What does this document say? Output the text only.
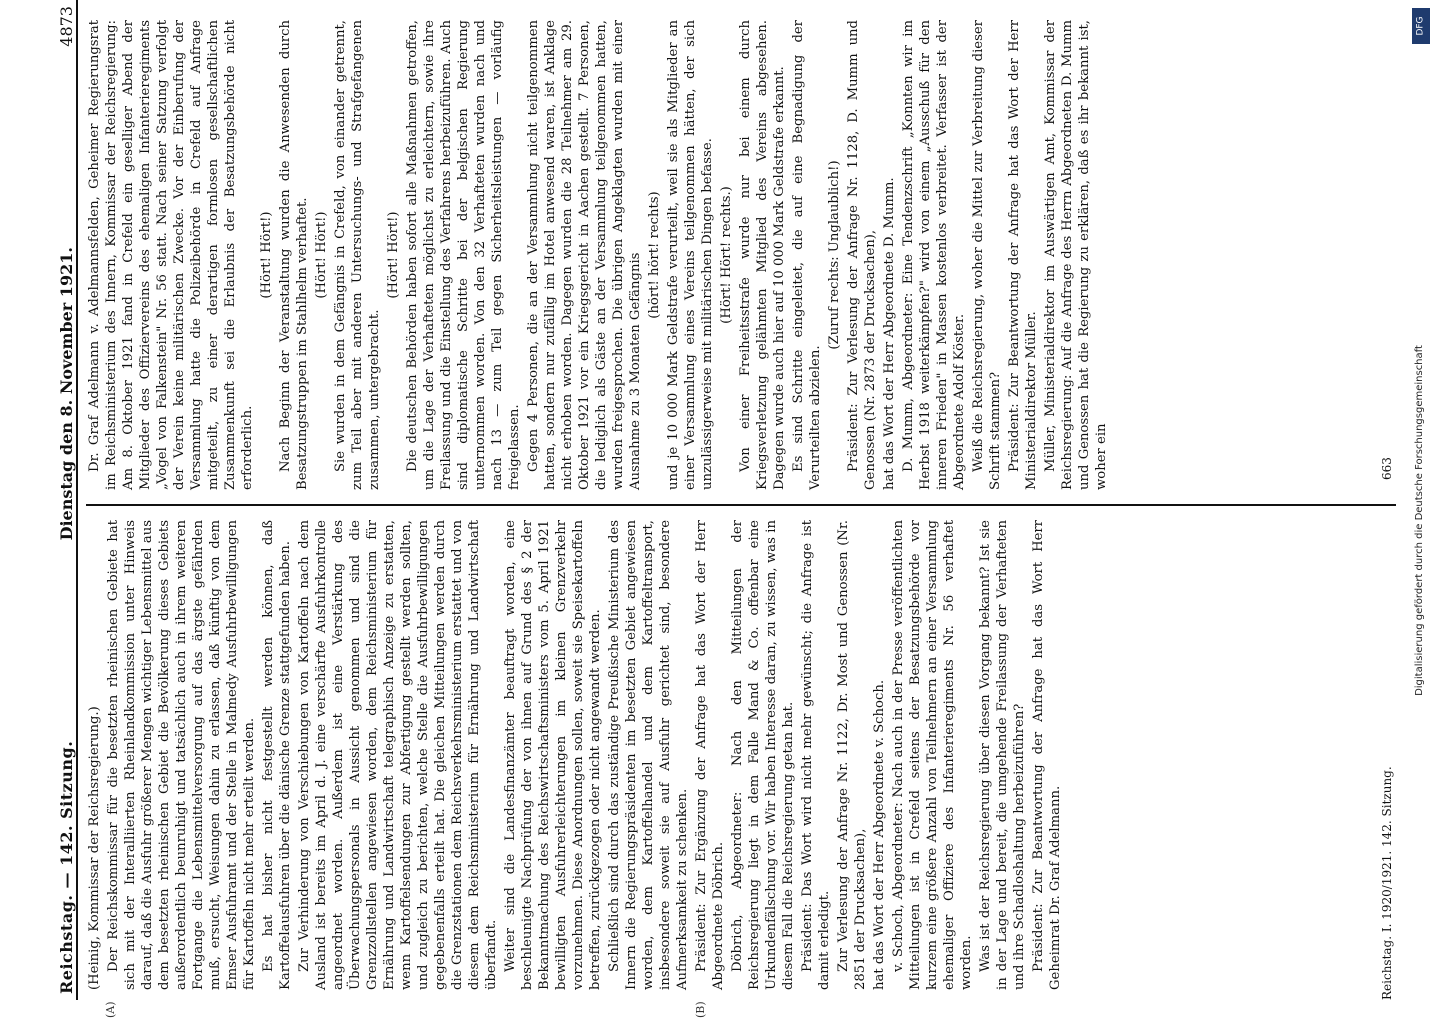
Reichstag. — 142. Sitzung.
Dienstag den 8. November 1921.
4873

(Heinig, Kommissar der Reichsregierung.) Der Reichskommissar für die besetzten rheinischen Gebiete hat sich mit der Interalliierten Rheinlandkommission unter Hinweis darauf, daß die Ausfuhr größerer Mengen wichtiger Lebensmittel aus dem besetzten rheinischen Gebiet die Bevölkerung dieses Gebiets außerordentlich beunruhigt und tatsächlich auch in ihrem weiteren Fortgange die Lebensmittelversorgung auf das ärgste gefährden muß, ersucht, Weisungen dahin zu erlassen, daß künftig von dem Emser Ausfuhramt und der Stelle in Malmedy Ausfuhrbewilligungen für Kartoffeln nicht mehr erteilt werden. Es hat bisher nicht festgestellt werden können, daß Kartoffelausfuhren über die dänische Grenze stattgefunden haben. Zur Verhinderung von Verschiebungen von Kartoffeln nach dem Ausland ist bereits im April d. J. eine verschärfte Ausfuhrkontrolle angeordnet worden. Außerdem ist eine Verstärkung des Überwachungspersonals in Aussicht genommen und sind die Grenzzollstellen angewiesen worden, dem Reichsministerium für Ernährung und Landwirtschaft telegraphisch Anzeige zu erstatten, wenn Kartoffelsendungen zur Abfertigung gestellt werden sollten, und zugleich zu berichten, welche Stelle die Ausfuhrbewilligungen gegebenenfalls erteilt hat. Die gleichen Mitteilungen werden durch die Grenzstationen dem Reichsverkehrsministerium erstattet und von diesem dem Reichsministerium für Ernährung und Landwirtschaft überfandt. Weiter sind die Landesfinanzämter beauftragt worden, eine beschleunigte Nachprüfung der von ihnen auf Grund des § 2 der Bekanntmachung des Reichswirtschaftsministers vom 5. April 1921 bewilligten Ausfuhrerleichterungen im kleinen Grenzverkehr vorzunehmen. Diese Anordnungen sollen, soweit sie Speisekartoffeln betreffen, zurückgezogen oder nicht angewandt werden. Schließlich sind durch das zuständige Preußische Ministerium des Innern die Regierungspräsidenten im besetzten Gebiet angewiesen worden, dem Kartoffelhandel und dem Kartoffeltransport, insbesondere soweit sie auf Ausfuhr gerichtet sind, besondere Aufmerksamkeit zu schenken. Präsident: Zur Ergänzung der Anfrage hat das Wort der Herr Abgeordnete Döbrich. Döbrich, Abgeordneter: Nach den Mitteilungen der Reichsregierung liegt in dem Falle Mand & Co. offenbar eine Urkundenfälschung vor. Wir haben Interesse daran, zu wissen, was in diesem Fall die Reichsregierung getan hat. Präsident: Das Wort wird nicht mehr gewünscht; die Anfrage ist damit erledigt. Zur Verlesung der Anfrage Nr. 1122, Dr. Most und Genossen (Nr. 2851 der Drucksachen), hat das Wort der Herr Abgeordnete v. Schoch. v. Schoch, Abgeordneter: Nach auch in der Presse veröffentlichten Mitteilungen ist in Crefeld seitens der Besatzungsbehörde vor kurzem eine größere Anzahl von Teilnehmern an einer Versammlung ehemaliger Offiziere des Infanterieregiments Nr. 56 verhaftet worden. Was ist der Reichsregierung über diesen Vorgang bekannt? Ist sie in der Lage und bereit, die umgehende Freilassung der Verhafteten und ihre Schadloshaltung herbeizuführen? Präsident: Zur Beantwortung der Anfrage hat das Wort Herr Geheimrat Dr. Graf Adelmann.

Dr. Graf Adelmann v. Adelmannsfelden, Geheimer Regierungsrat im Reichsministerium des Innern, Kommissar der Reichsregierung: Am 8. Oktober 1921 fand in Crefeld ein geselliger Abend der Mitglieder des Offiziervereins des ehemaligen Infanterieregiments „Vogel von Falkenstein" Nr. 56 statt. Nach seiner Satzung verfolgt der Verein keine militärischen Zwecke. Vor der Einberufung der Versammlung hatte die Polizeibehörde in Crefeld auf Anfrage mitgeteilt, zu einer derartigen formlosen gesellschaftlichen Zusammenkunft sei die Erlaubnis der Besatzungsbehörde nicht erforderlich.

(Hört! Hört!) Nach Beginn der Veranstaltung wurden die Anwesenden durch Besatzungstruppen im Stahlhelm verhaftet. (Hört! Hört!) Sie wurden in dem Gefängnis in Crefeld, von einander getrennt, zum Teil aber mit anderen Untersuchungs- und Strafgefangenen zusammen, untergebracht.

(Hört! Hört!) Die deutschen Behörden haben sofort alle Maßnahmen getroffen, um die Lage der Verhafteten möglichst zu erleichtern, sowie ihre Freilassung und die Einstellung des Verfahrens herbeizuführen. Auch sind diplomatische Schritte bei der belgischen Regierung unternommen worden. Von den 32 Verhafteten wurden nach und nach 13 — zum Teil gegen Sicherheitsleistungen — vorläufig freigelassen. Gegen 4 Personen, die an der Versammlung nicht teilgenommen hatten, sondern nur zufällig im Hotel anwesend waren, ist Anklage nicht erhoben worden. Dagegen wurden die 28 Teilnehmer am 29. Oktober 1921 vor ein Kriegsgericht in Aachen gestellt. 7 Personen, die lediglich als Gäste an der Versammlung teilgenommen hatten, wurden freigesprochen. Die übrigen Angeklagten wurden mit einer Ausnahme zu 3 Monaten Gefängnis (hört! hört! rechts) und je 10 000 Mark Geldstrafe verurteilt, weil sie als Mitglieder an einer Versammlung eines Vereins teilgenommen hätten, der sich unzulässigerweise mit militärischen Dingen befasse. (Hört! Hört! rechts.) Von einer Freiheitsstrafe wurde nur bei einem durch Kriegsverletzung gelähmten Mitglied des Vereins abgesehen. Dagegen wurde auch hier auf 10 000 Mark Geldstrafe erkannt. Es sind Schritte eingeleitet, die auf eine Begnadigung der Verurteilten abzielen.

(Zuruf rechts: Unglaublich!) Präsident: Zur Verlesung der Anfrage Nr. 1128, D. Mumm und Genossen (Nr. 2873 der Drucksachen), hat das Wort der Herr Abgeordnete D. Mumm. D. Mumm, Abgeordneter: Eine Tendenzschrift „Konnten wir im Herbst 1918 weiterkämpfen?" wird von einem „Ausschuß für den inneren Frieden" in Massen kostenlos verbreitet. Verfasser ist der Abgeordnete Adolf Köster. Weiß die Reichsregierung, woher die Mittel zur Verbreitung dieser Schrift stammen? Präsident: Zur Beantwortung der Anfrage hat das Wort der Herr Ministerialdirektor Müller. Müller, Ministerialdirektor im Auswärtigen Amt, Kommissar der Reichsregierung: Auf die Anfrage des Herrn Abgeordneten D. Mumm und Genossen hat die Regierung zu erklären, daß es ihr bekannt ist, woher ein

Reichstag. I. 1920/1921. 142. Sitzung.
663
(A)	(B)
Digitalisierung gefördert durch die Deutsche Forschungsgemeinschaft
DFG
